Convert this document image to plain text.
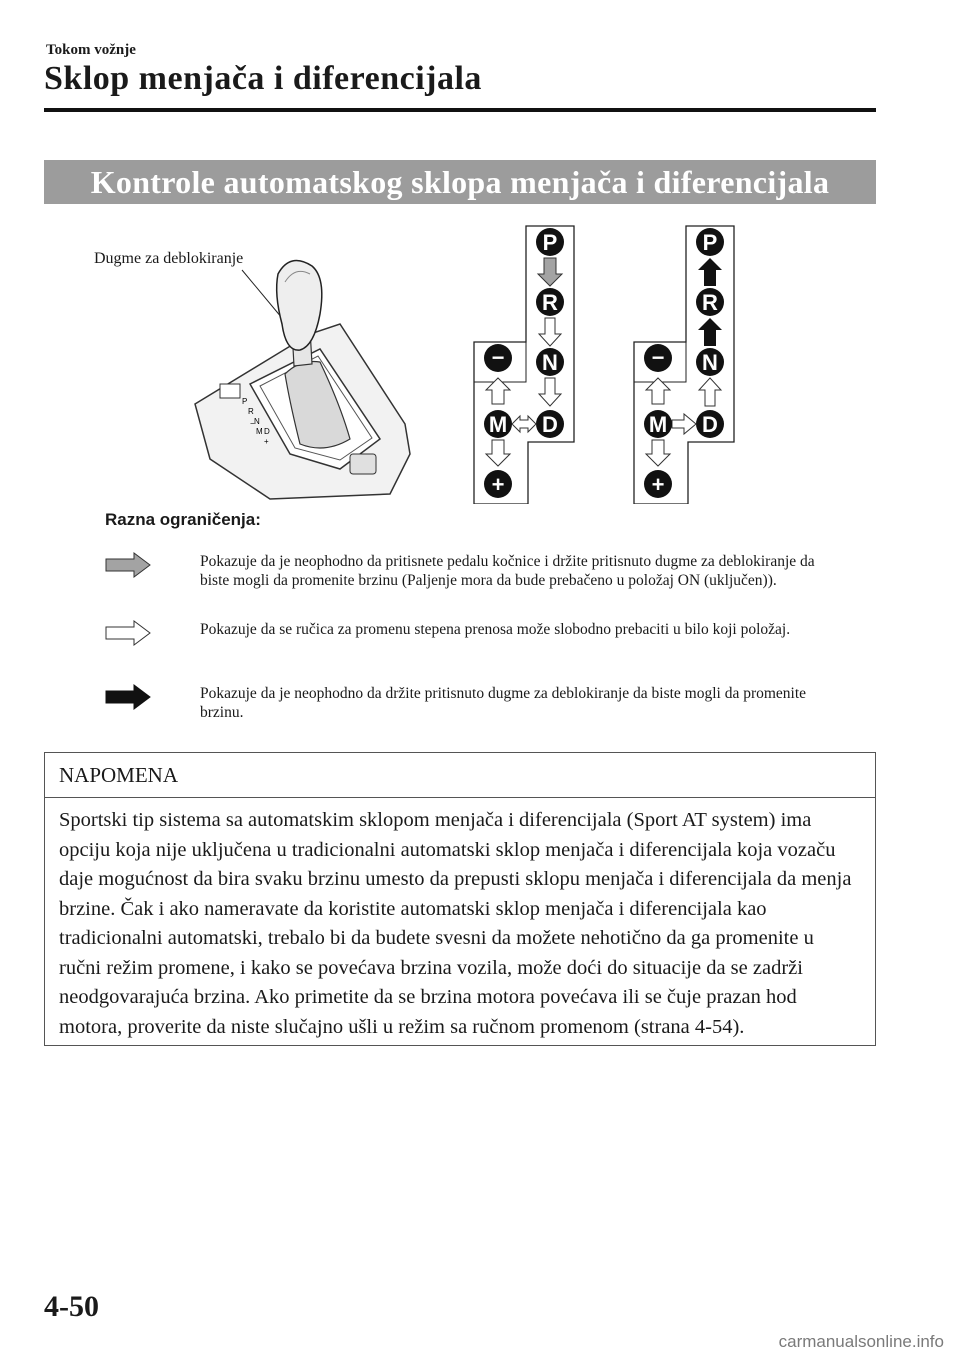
Tokom vožnje
Sklop menjača i diferencijala
Kontrole automatskog sklopa menjača i diferencijala
Dugme za deblokiranje
P
R
N
D
M
+
−
P
R
N
D
−
M
+
P
R
N
D
−
M
+
Razna ograničenja:
Pokazuje da je neophodno da pritisnete pedalu kočnice i držite pritisnuto dugme za deblokiranje da biste mogli da promenite brzinu (Paljenje mora da bude prebačeno u položaj ON (uključen)).
Pokazuje da se ručica za promenu stepena prenosa može slobodno prebaciti u bilo koji položaj.
Pokazuje da je neophodno da držite pritisnuto dugme za deblokiranje da biste mogli da promenite brzinu.
NAPOMENA
Sportski tip sistema sa automatskim sklopom menjača i diferencijala (Sport AT system) ima opciju koja nije uključena u tradicionalni automatski sklop menjača i diferencijala koja vozaču daje mogućnost da bira svaku brzinu umesto da prepusti sklopu menjača i diferencijala da menja brzine. Čak i ako nameravate da koristite automatski sklop menjača i diferencijala kao tradicionalni automatski, trebalo bi da budete svesni da možete nehotično da ga promenite u ručni režim promene, i kako se povećava brzina vozila, može doći do situacije da se zadrži neodgovarajuća brzina. Ako primetite da se brzina motora povećava ili se čuje prazan hod motora, proverite da niste slučajno ušli u režim sa ručnom promenom (strana 4-54).
4-50
carmanualsonline.info
